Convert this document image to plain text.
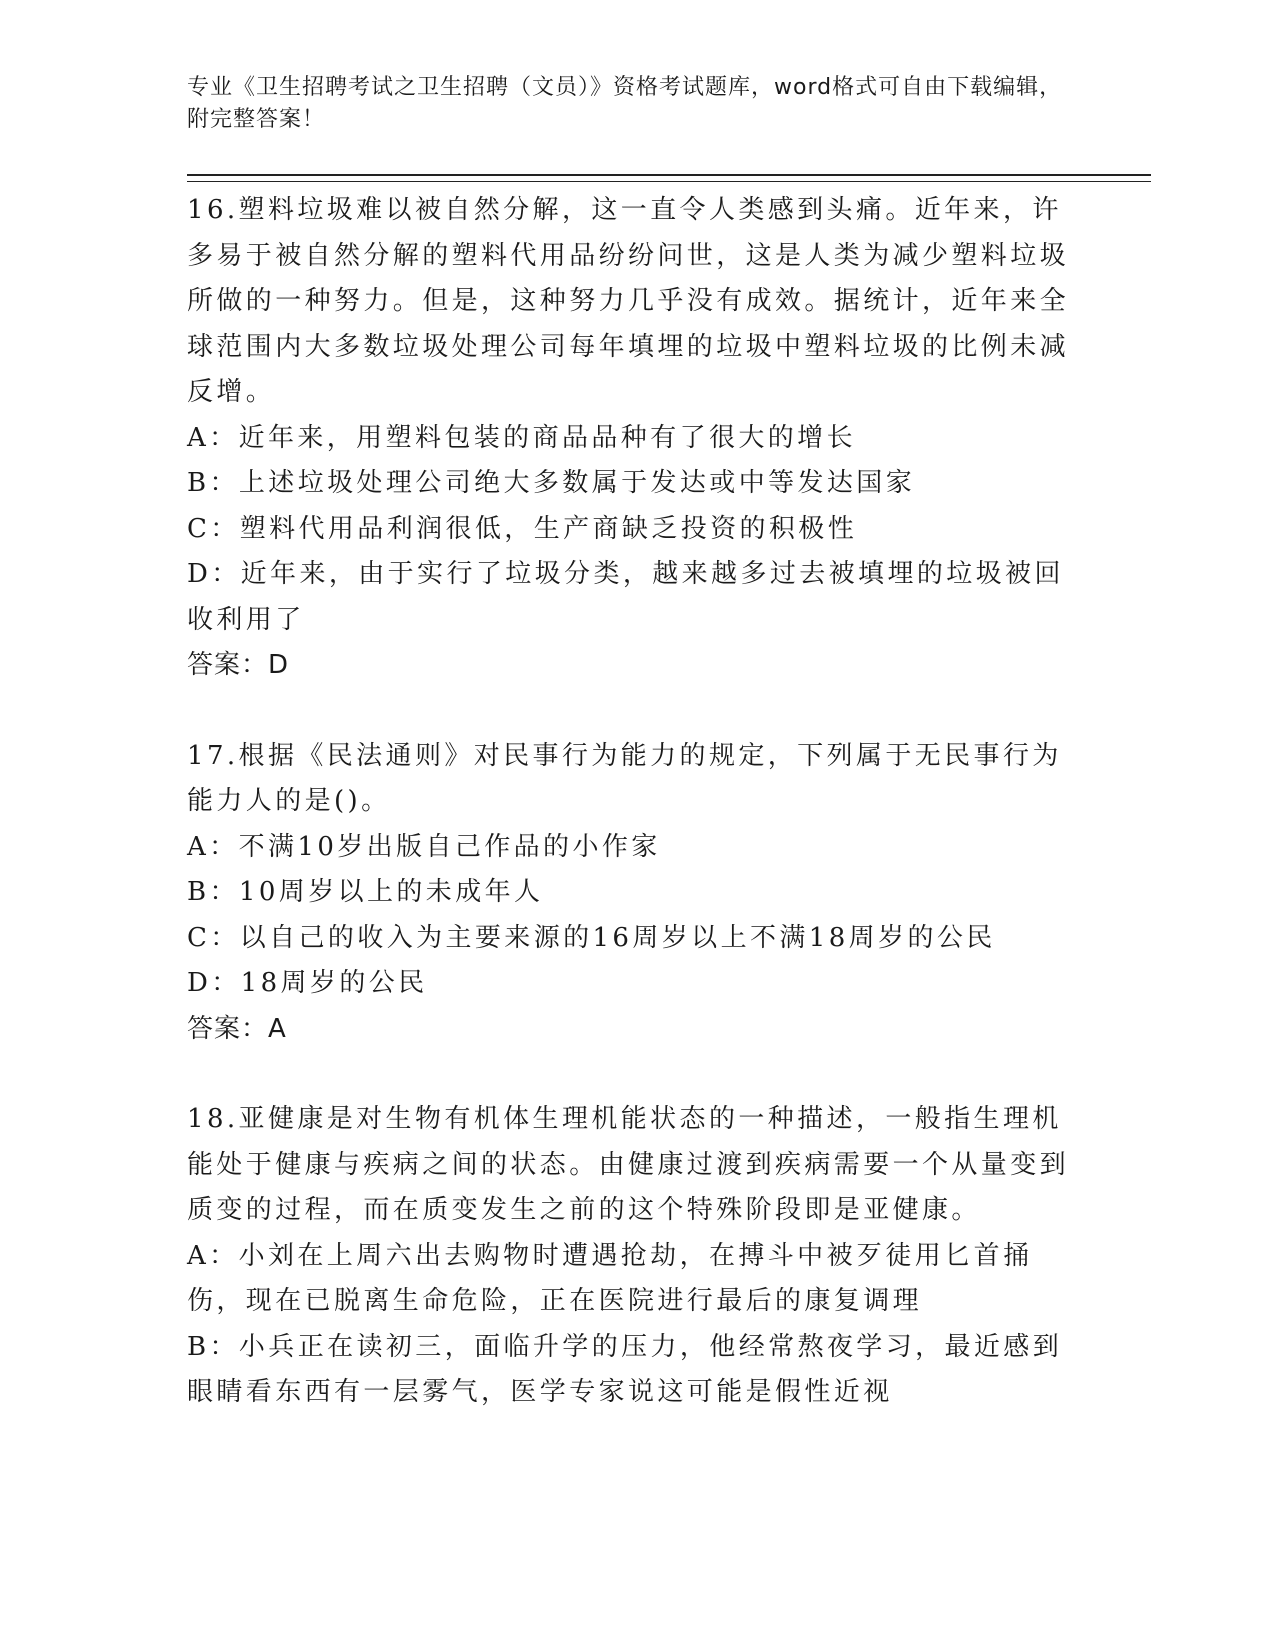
专业《卫生招聘考试之卫生招聘（文员）》资格考试题库，word格式可自由下载编辑，附完整答案！

16.塑料垃圾难以被自然分解，这一直令人类感到头痛。近年来，许多易于被自然分解的塑料代用品纷纷问世，这是人类为减少塑料垃圾所做的一种努力。但是，这种努力几乎没有成效。据统计，近年来全球范围内大多数垃圾处理公司每年填埋的垃圾中塑料垃圾的比例未减反增。

A：近年来，用塑料包装的商品品种有了很大的增长

B：上述垃圾处理公司绝大多数属于发达或中等发达国家

C：塑料代用品利润很低，生产商缺乏投资的积极性

D：近年来，由于实行了垃圾分类，越来越多过去被填埋的垃圾被回收利用了

答案：D

17.根据《民法通则》对民事行为能力的规定，下列属于无民事行为能力人的是()。

A：不满10岁出版自己作品的小作家

B：10周岁以上的未成年人

C：以自己的收入为主要来源的16周岁以上不满18周岁的公民

D：18周岁的公民

答案：A

18.亚健康是对生物有机体生理机能状态的一种描述，一般指生理机能处于健康与疾病之间的状态。由健康过渡到疾病需要一个从量变到质变的过程，而在质变发生之前的这个特殊阶段即是亚健康。

A：小刘在上周六出去购物时遭遇抢劫，在搏斗中被歹徒用匕首捅伤，现在已脱离生命危险，正在医院进行最后的康复调理

B：小兵正在读初三，面临升学的压力，他经常熬夜学习，最近感到眼睛看东西有一层雾气，医学专家说这可能是假性近视
